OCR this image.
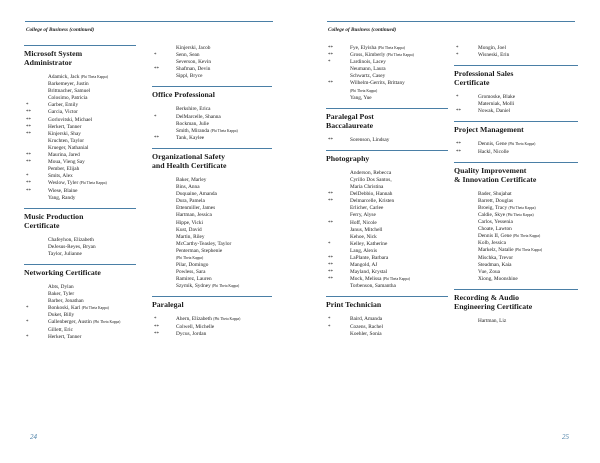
College of Business (continued)
Microsoft System
Administrator
Adamick, Jack (Phi Theta Kappa)
Barkemeyer, Justin
Brittnacher, Samuel
Colosimo, Patricia
*	Garber, Emily
**	Garcia, Victor
**	Gorlovitski, Michael
**	Herkert, Tanner
**	Kinjerski, Shay
Kruchten, Taylor
Krueger, Nathanial
**	Maurina, Jared
**	Moua, Vieng Say
Pember, Elijah
*	Smits, Alex
**	Weslow, Tyler (Phi Theta Kappa)
**	Wiese, Blaine
Yang, Randy
Music Production
Certificate
Chafeyhon, Elizabeth
DeJesus-Reyes, Bryan
Taylor, Julianne
Networking Certificate
Abts, Dylan
Baker, Tyler
Barber, Jonathan
*	Bonkoski, Karl (Phi Theta Kappa)
Duket, Billy
*	Gallenberger, Austin (Phi Theta Kappa)
Gillett, Eric
*	Herkert, Tanner
Kinjerski, Jacob
*	Senn, Sean
Severson, Kevin
**	Shafman, Devin
Sippl, Bryce
Office Professional
Berkshire, Erica
*	DelMarcelle, Shanna
Rockman, Julie
Smith, Miranda (Phi Theta Kappa)
**	Tank, Kaylee
Organizational Safety
and Health Certificate
Baker, Marley
Bins, Anna
Duquaine, Amanda
Dura, Pamela
Ettenmiller, James
Hartman, Jessica
Hippe, Vicki
Kust, David
Martin, Riley
McCarthy-Teasley, Taylor
Penterman, Stephenie
(Phi Theta Kappa)
Pilar, Domingo
Powless, Sara
Ramirez, Lauren
Szymik, Sydney (Phi Theta Kappa)
Paralegal
*	Ahern, Elizabeth (Phi Theta Kappa)
**	Colwell, Michelle
**	Dycus, Jordan
24
College of Business (continued)
**	Fye, Elyisha (Phi Theta Kappa)
**	Gross, Kimberly (Phi Theta Kappa)
*	Lardinois, Lacey
Neumann, Laura
Schwartz, Casey
**	Wilhelm-Gerrits, Brittany
(Phi Theta Kappa)
Yang, Yue
Paralegal Post
Baccalaureate
**	Sorenson, Lindsay
Photography
Anderson, Rebecca
Cyrillo Dos Santos,
Maria Christina
**	DelDebbio, Hannah
**	Delmarcelle, Kristen
Erlicher, Carlee
Ferry, Alyse
**	Hoff, Nicole
Janus, Mitchell
Kehoe, Nick
*	Kelley, Katherine
Lang, Alexis
**	LaPlante, Barbara
**	Mangold, AJ
**	Mayland, Krystal
**	Mock, Melissa (Phi Theta Kappa)
Torbenson, Samantha
Print Technician
*	Baird, Amanda
*	Cozens, Rachel
Koehler, Sonia
*	Mongin, Joel
*	Wisneski, Erin
Professional Sales
Certificate
*	Gromoske, Blake
Materniak, Molli
**	Nowak, Daniel
Project Management
**	Dennis, Gene (Phi Theta Kappa)
**	Hackl, Nicolle
Quality Improvement
& Innovation Certificate
Bader, Shujahat
Barrett, Douglas
Broeig, Tracy (Phi Theta Kappa)
Caldie, Skye (Phi Theta Kappa)
Carlos, Yessenia
Choate, Lawton
Dennis II, Gene (Phi Theta Kappa)
Kolb, Jessica
Markelz, Natalie (Phi Theta Kappa)
Mischka, Trevor
Steadman, Kaia
Vue, Zoua
Xiong, Moonshine
Recording & Audio
Engineering Certificate
Hartman, Liz
25
